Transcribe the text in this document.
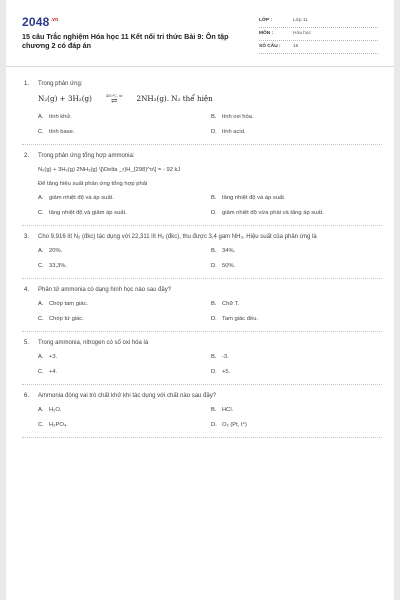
$2048^{.vn}$
15 câu Trắc nghiệm Hóa học 11 Kết nối tri thức Bài 9: Ôn tập chương 2 có đáp án
LỚP :	Lớp 11
MÔN :	Hóa học
SỐ CÂU :	15
1.	Trong phản ứng:
N₂(g) + 3H₂(g)	450°C, xt
⇌	2NH₃(g). N₂ thể hiện
A. tính khử.	B. tính oxi hóa.
C. tính base.	D. tính acid.
2.	Trong phản ứng tổng hợp ammonia:
N₂(g) + 3H₂(g) 2NH₃(g) \[\Delta _r}H_{298}^o\] = - 92 kJ
Để tăng hiệu suất phản ứng tổng hợp phải
A. giảm nhiệt độ và áp suất.	B. tăng nhiệt độ và áp suất.
C. tăng nhiệt độ và giảm áp suất.	D. giảm nhiệt độ vừa phải và tăng áp suất.
3.	Cho 9,916 lít N₂ (đkc) tác dụng với 22,311 lít H₂ (đkc), thu được 3,4 gam NH₃. Hiệu suất của phản ứng là
A. 20%.	B. 34%.
C. 33,3%.	D. 50%.
4.	Phân tử ammonia có dạng hình học nào sau đây?
A. Chóp tam giác.	B. Chữ T.
C. Chóp tứ giác.	D. Tam giác đều.
5.	Trong ammonia, nitrogen có số oxi hóa là
A. +3.	B. -3.
C. +4.	D. +5.
6.	Ammonia đóng vai trò chất khử khi tác dụng với chất nào sau đây?
A. H₂O.	B. HCl.
C. H₃PO₄.	D. O₂ (Pt, t°)
